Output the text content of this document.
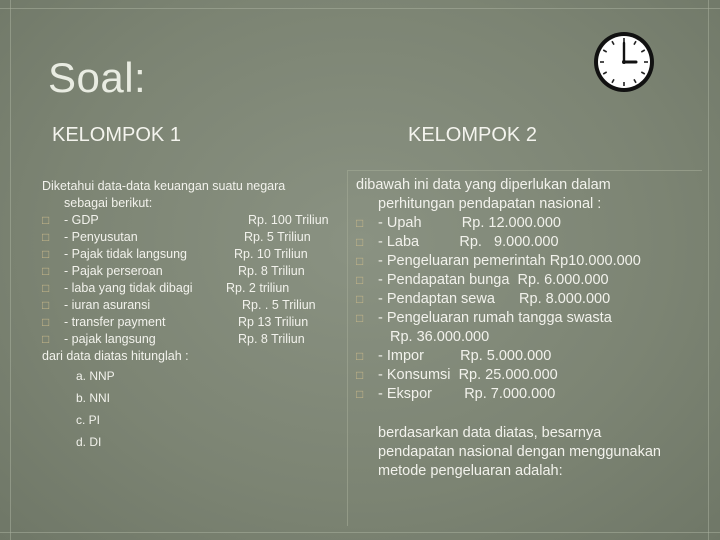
Soal:
KELOMPOK 1	KELOMPOK 2
Diketahui data-data keuangan suatu negara
sebagai berikut:
□ - GDP	Rp. 100 Triliun
□ - Penyusutan	Rp. 5 Triliun
□ - Pajak tidak langsung	Rp. 10 Triliun
□ - Pajak perseroan	Rp. 8 Triliun
□ - laba yang tidak dibagi	Rp. 2 triliun
□ - iuran asuransi	Rp. . 5 Triliun
□ - transfer payment	Rp 13 Triliun
□ - pajak langsung	Rp. 8 Triliun
dari data diatas hitunglah :
a. NNP
b. NNI
c. PI
d. DI
dibawah ini data yang diperlukan dalam
perhitungan pendapatan nasional :
□	- Upah          Rp. 12.000.000
□	- Laba          Rp.   9.000.000
□	- Pengeluaran pemerintah Rp10.000.000
□	- Pendapatan bunga  Rp. 6.000.000
□	- Pendaptan sewa      Rp. 8.000.000
□	- Pengeluaran rumah tangga swasta
Rp. 36.000.000
□	- Impor         Rp. 5.000.000
□	- Konsumsi  Rp. 25.000.000
□	- Ekspor        Rp. 7.000.000
berdasarkan data diatas, besarnya
pendapatan nasional dengan menggunakan
metode pengeluaran adalah:
